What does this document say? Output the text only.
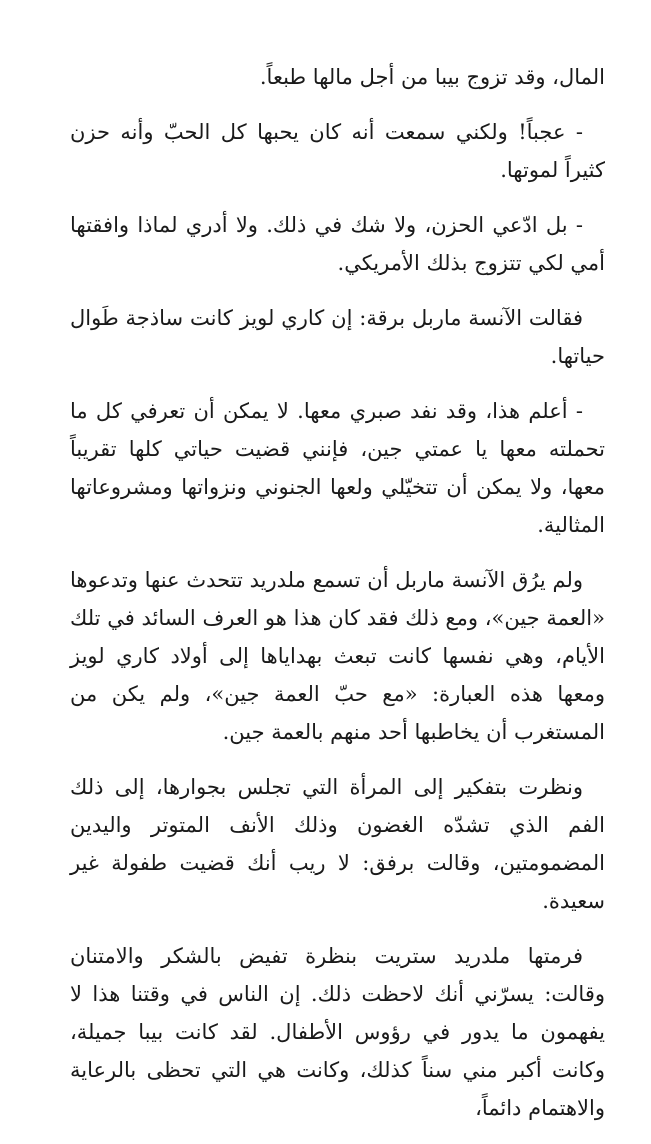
المال، وقد تزوج بيبا من أجل مالها طبعاً.

- عجباً! ولكني سمعت أنه كان يحبها كل الحبّ وأنه حزن كثيراً لموتها.

- بل ادّعي الحزن، ولا شك في ذلك. ولا أدري لماذا وافقتها أمي لكي تتزوج بذلك الأمريكي.

فقالت الآنسة ماربل برقة: إن كاري لويز كانت ساذجة طَوال حياتها.

- أعلم هذا، وقد نفد صبري معها. لا يمكن أن تعرفي كل ما تحملته معها يا عمتي جين، فإنني قضيت حياتي كلها تقريباً معها، ولا يمكن أن تتخيّلي ولعها الجنوني ونزواتها ومشروعاتها المثالية.

ولم يرُق الآنسة ماربل أن تسمع ملدريد تتحدث عنها وتدعوها «العمة جين»، ومع ذلك فقد كان هذا هو العرف السائد في تلك الأيام، وهي نفسها كانت تبعث بهداياها إلى أولاد كاري لويز ومعها هذه العبارة: «مع حبّ العمة جين»، ولم يكن من المستغرب أن يخاطبها أحد منهم بالعمة جين.

ونظرت بتفكير إلى المرأة التي تجلس بجوارها، إلى ذلك الفم الذي تشدّه الغضون وذلك الأنف المتوتر واليدين المضمومتين، وقالت برفق: لا ريب أنك قضيت طفولة غير سعيدة.

فرمتها ملدريد ستريت بنظرة تفيض بالشكر والامتنان وقالت: يسرّني أنك لاحظت ذلك. إن الناس في وقتنا هذا لا يفهمون ما يدور في رؤوس الأطفال. لقد كانت بيبا جميلة، وكانت أكبر مني سناً كذلك، وكانت هي التي تحظى بالرعاية والاهتمام دائماً،
